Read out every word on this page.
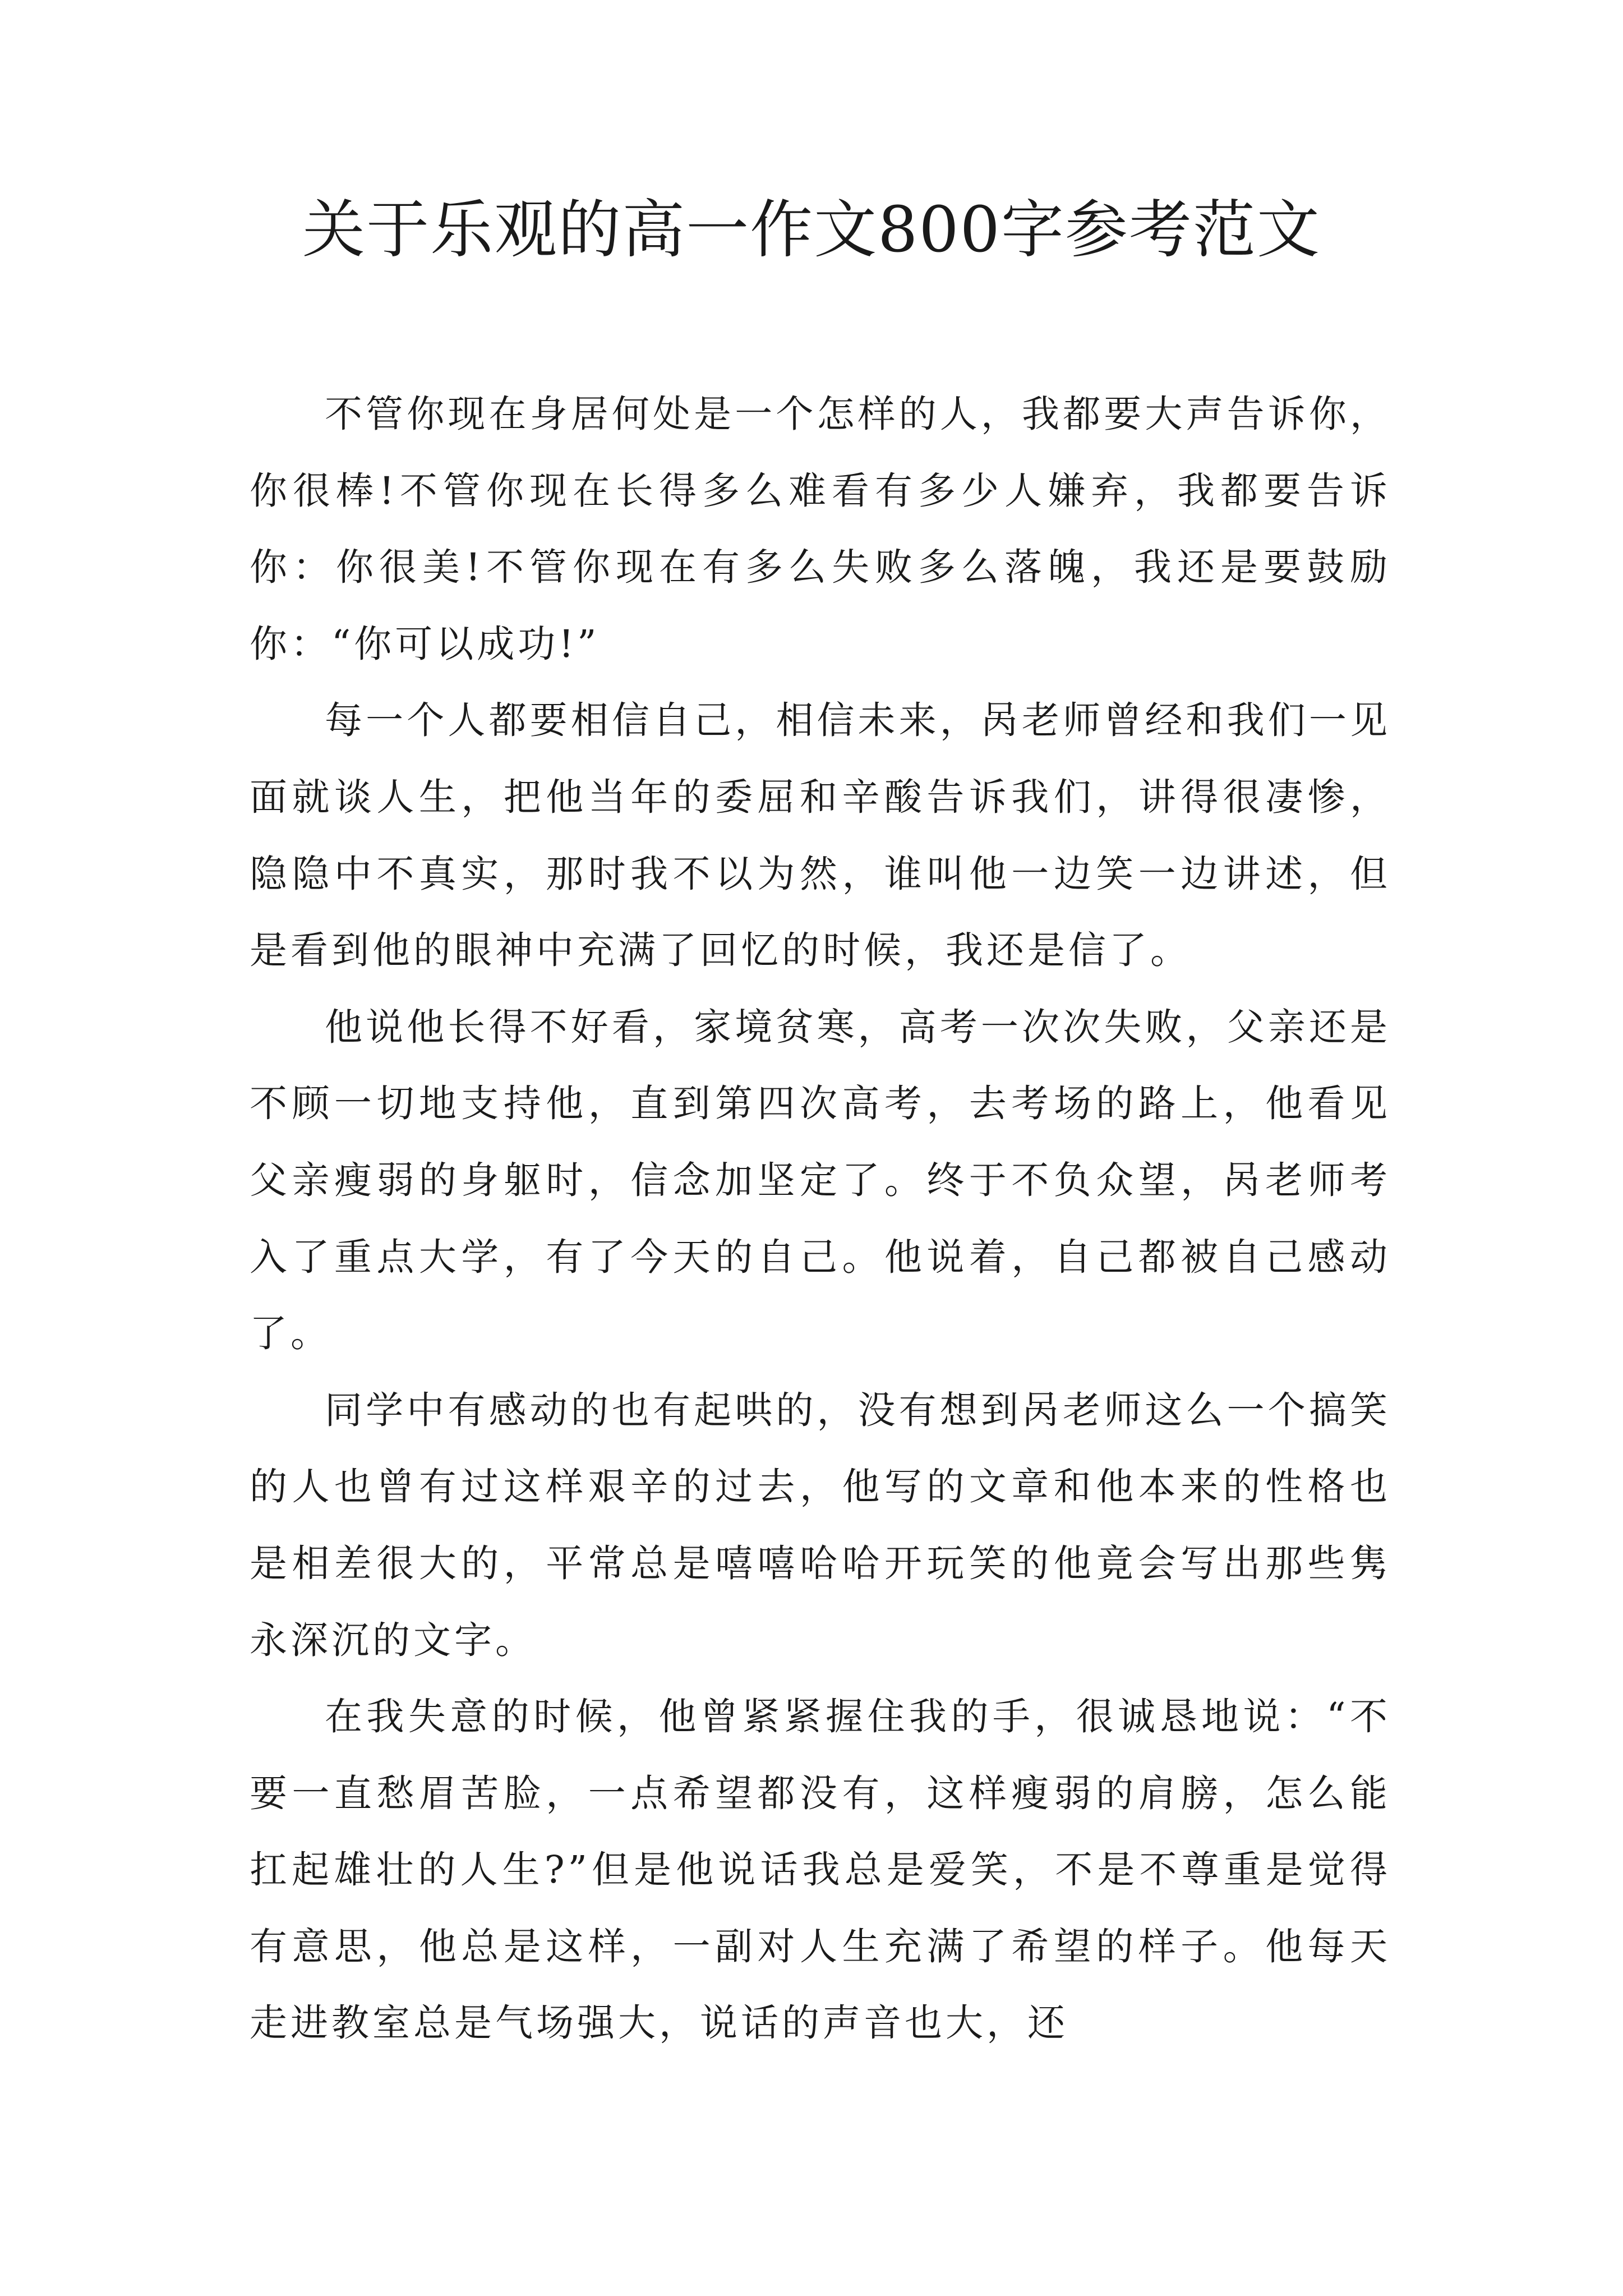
关于乐观的高一作文800字参考范文

不管你现在身居何处是一个怎样的人，我都要大声告诉你，你很棒!不管你现在长得多么难看有多少人嫌弃，我都要告诉你：你很美!不管你现在有多么失败多么落魄，我还是要鼓励你：“你可以成功!”

每一个人都要相信自己，相信未来，呙老师曾经和我们一见面就谈人生，把他当年的委屈和辛酸告诉我们，讲得很凄惨，隐隐中不真实，那时我不以为然，谁叫他一边笑一边讲述，但是看到他的眼神中充满了回忆的时候，我还是信了。

他说他长得不好看，家境贫寒，高考一次次失败，父亲还是不顾一切地支持他，直到第四次高考，去考场的路上，他看见父亲瘦弱的身躯时，信念加坚定了。终于不负众望，呙老师考入了重点大学，有了今天的自己。他说着，自己都被自己感动了。

同学中有感动的也有起哄的，没有想到呙老师这么一个搞笑的人也曾有过这样艰辛的过去，他写的文章和他本来的性格也是相差很大的，平常总是嘻嘻哈哈开玩笑的他竟会写出那些隽永深沉的文字。

在我失意的时候，他曾紧紧握住我的手，很诚恳地说：“不要一直愁眉苦脸，一点希望都没有，这样瘦弱的肩膀，怎么能扛起雄壮的人生?”但是他说话我总是爱笑，不是不尊重是觉得有意思，他总是这样，一副对人生充满了希望的样子。他每天走进教室总是气场强大，说话的声音也大，还
